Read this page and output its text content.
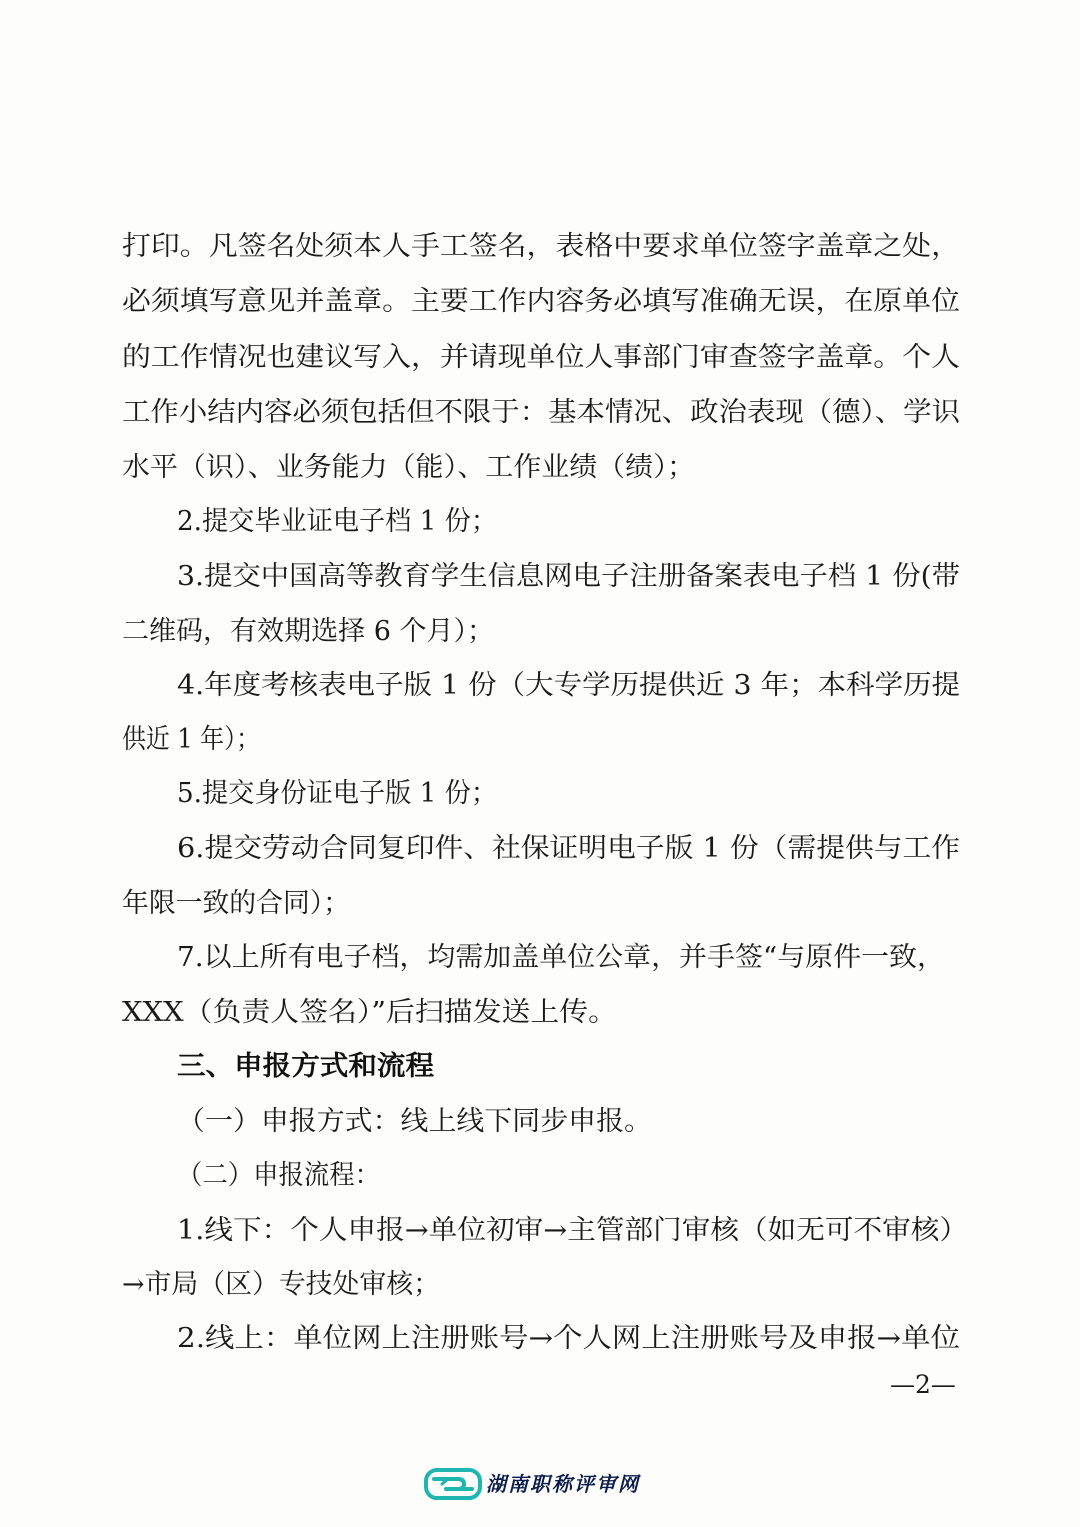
打印。凡签名处须本人手工签名，表格中要求单位签字盖章之处，
必须填写意见并盖章。主要工作内容务必填写准确无误，在原单位
的工作情况也建议写入，并请现单位人事部门审查签字盖章。个人
工作小结内容必须包括但不限于：基本情况、政治表现（德）、学识
水平（识）、业务能力（能）、工作业绩（绩）；
2.提交毕业证电子档 1 份；
3.提交中国高等教育学生信息网电子注册备案表电子档 1 份(带
二维码，有效期选择 6 个月）；
4.年度考核表电子版 1 份（大专学历提供近 3 年；本科学历提
供近 1 年）；
5.提交身份证电子版 1 份；
6.提交劳动合同复印件、社保证明电子版 1 份（需提供与工作
年限一致的合同）；
7.以上所有电子档，均需加盖单位公章，并手签“与原件一致，
XXX（负责人签名）”后扫描发送上传。
三、申报方式和流程
（一）申报方式：线上线下同步申报。
（二）申报流程：
1.线下：个人申报→单位初审→主管部门审核（如无可不审核）
→市局（区）专技处审核；
2.线上：单位网上注册账号→个人网上注册账号及申报→单位
—2—
湖南职称评审网
